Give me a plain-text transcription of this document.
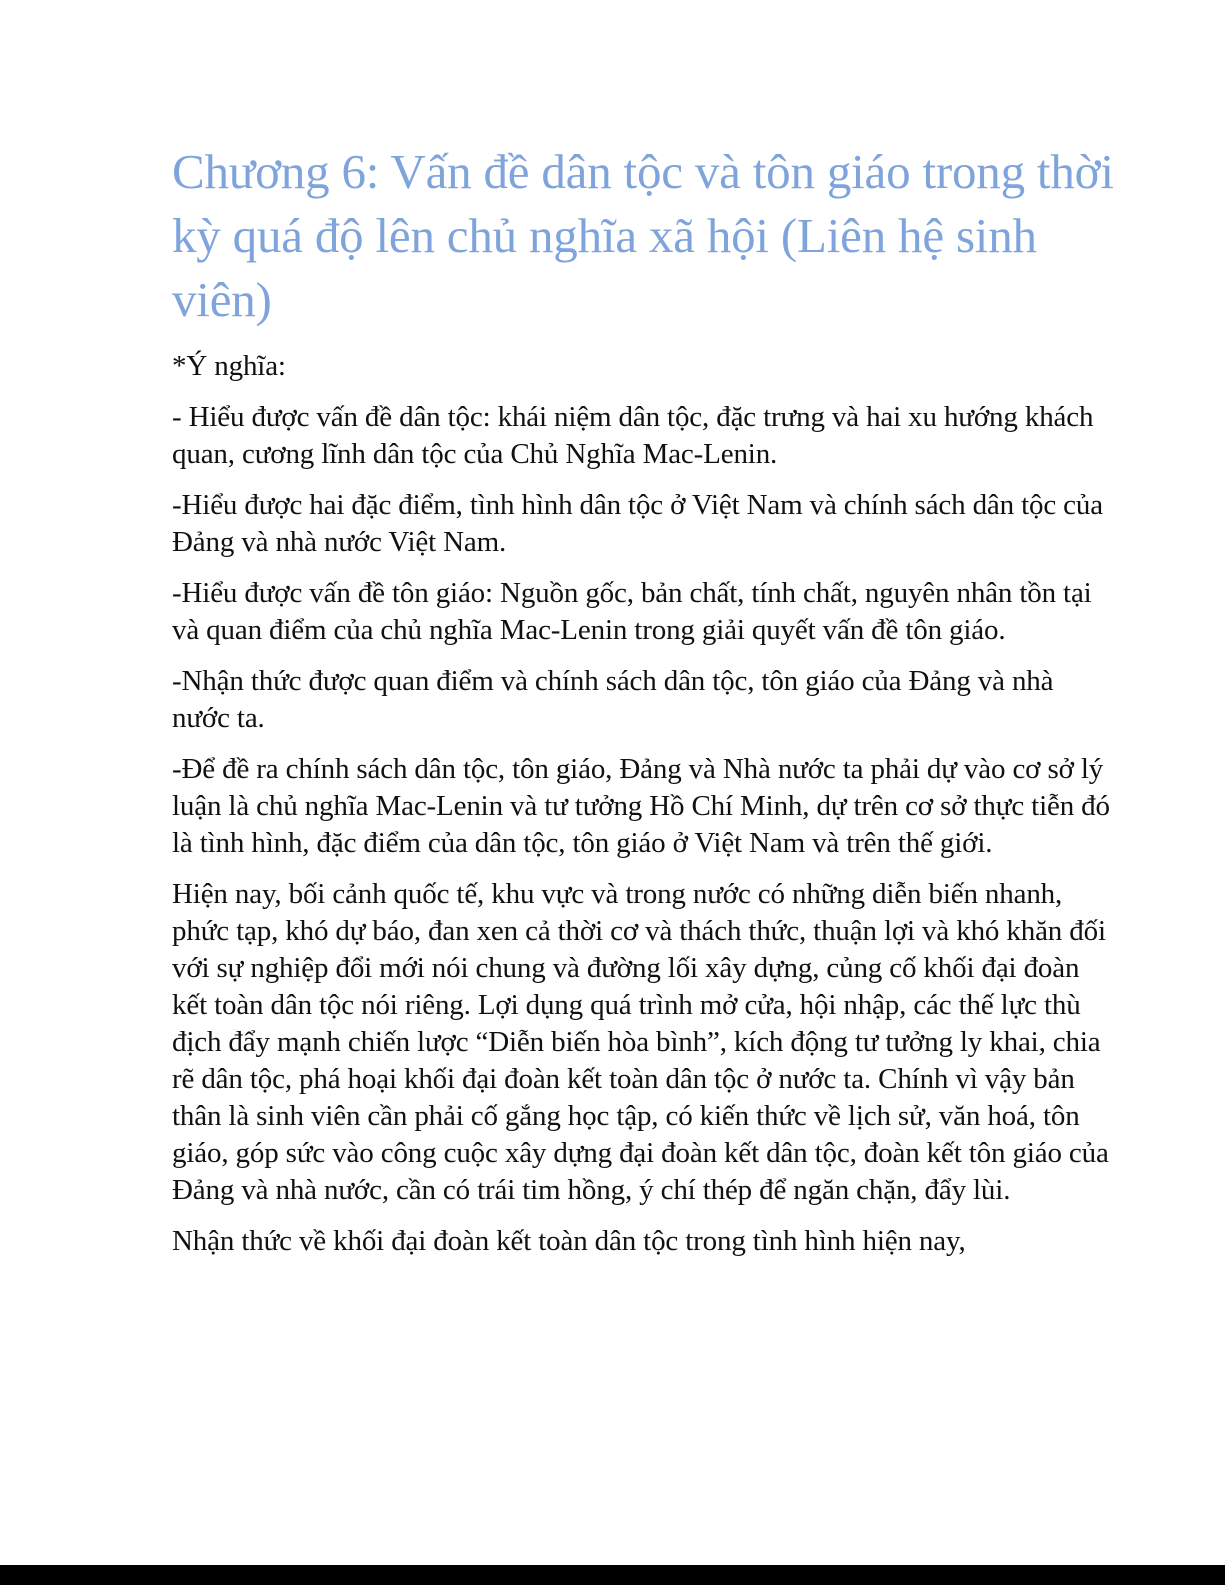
Chương 6: Vấn đề dân tộc và tôn giáo trong thời kỳ quá độ lên chủ nghĩa xã hội (Liên hệ sinh viên)

*Ý nghĩa:

- Hiểu được vấn đề dân tộc: khái niệm dân tộc, đặc trưng và hai xu hướng khách quan, cương lĩnh dân tộc của Chủ Nghĩa Mac-Lenin.

-Hiểu được hai đặc điểm, tình hình dân tộc ở Việt Nam và chính sách dân tộc của Đảng và nhà nước Việt Nam.

-Hiểu được vấn đề tôn giáo: Nguồn gốc, bản chất, tính chất, nguyên nhân tồn tại và quan điểm của chủ nghĩa Mac-Lenin trong giải quyết vấn đề tôn giáo.

-Nhận thức được quan điểm và chính sách dân tộc, tôn giáo của Đảng và nhà nước ta.

-Để đề ra chính sách dân tộc, tôn giáo, Đảng và Nhà nước ta phải dự vào cơ sở lý luận là chủ nghĩa Mac-Lenin và tư tưởng Hồ Chí Minh, dự trên cơ sở thực tiễn đó là tình hình, đặc điểm của dân tộc, tôn giáo ở Việt Nam và trên thế giới.

Hiện nay, bối cảnh quốc tế, khu vực và trong nước có những diễn biến nhanh, phức tạp, khó dự báo, đan xen cả thời cơ và thách thức, thuận lợi và khó khăn đối với sự nghiệp đổi mới nói chung và đường lối xây dựng, củng cố khối đại đoàn kết toàn dân tộc nói riêng. Lợi dụng quá trình mở cửa, hội nhập, các thế lực thù địch đẩy mạnh chiến lược “Diễn biến hòa bình”, kích động tư tưởng ly khai, chia rẽ dân tộc, phá hoại khối đại đoàn kết toàn dân tộc ở nước ta. Chính vì vậy bản thân là sinh viên cần phải cố gắng học tập, có kiến thức về lịch sử, văn hoá, tôn giáo, góp sức vào công cuộc xây dựng đại đoàn kết dân tộc, đoàn kết tôn giáo của Đảng và nhà nước, cần có trái tim hồng, ý chí thép để ngăn chặn, đẩy lùi.

Nhận thức về khối đại đoàn kết toàn dân tộc trong tình hình hiện nay,
